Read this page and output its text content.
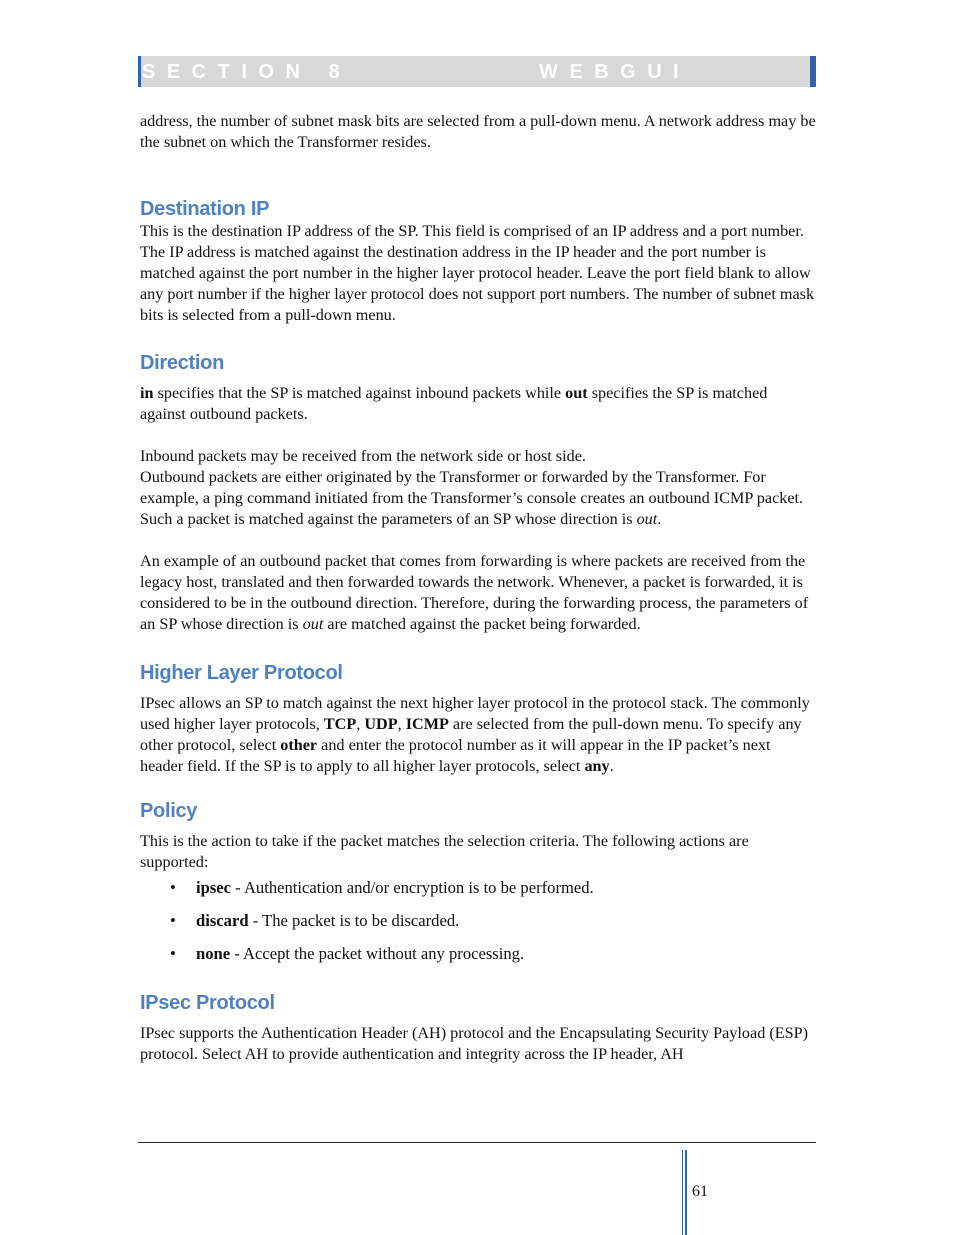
SECTION 8	WEBGUI SYSTEM

address, the number of subnet mask bits are selected from a pull-down menu. A network address may be the subnet on which the Transformer resides.

Destination IP

This is the destination IP address of the SP. This field is comprised of an IP address and a port number. The IP address is matched against the destination address in the IP header and the port number is matched against the port number in the higher layer protocol header. Leave the port field blank to allow any port number if the higher layer protocol does not support port numbers. The number of subnet mask bits is selected from a pull-down menu.

Direction

in specifies that the SP is matched against inbound packets while out specifies the SP is matched against outbound packets.

Inbound packets may be received from the network side or host side.
Outbound packets are either originated by the Transformer or forwarded by the Transformer. For example, a ping command initiated from the Transformer’s console creates an outbound ICMP packet. Such a packet is matched against the parameters of an SP whose direction is out.

An example of an outbound packet that comes from forwarding is where packets are received from the legacy host, translated and then forwarded towards the network. Whenever, a packet is forwarded, it is considered to be in the outbound direction. Therefore, during the forwarding process, the parameters of an SP whose direction is out are matched against the packet being forwarded.

Higher Layer Protocol

IPsec allows an SP to match against the next higher layer protocol in the protocol stack. The commonly used higher layer protocols, TCP, UDP, ICMP are selected from the pull-down menu. To specify any other protocol, select other and enter the protocol number as it will appear in the IP packet’s next header field. If the SP is to apply to all higher layer protocols, select any.

Policy

This is the action to take if the packet matches the selection criteria. The following actions are supported:

• ipsec - Authentication and/or encryption is to be performed.
• discard - The packet is to be discarded.
• none - Accept the packet without any processing.
IPsec Protocol

IPsec supports the Authentication Header (AH) protocol and the Encapsulating Security Payload (ESP) protocol. Select AH to provide authentication and integrity across the IP header, AH

61
